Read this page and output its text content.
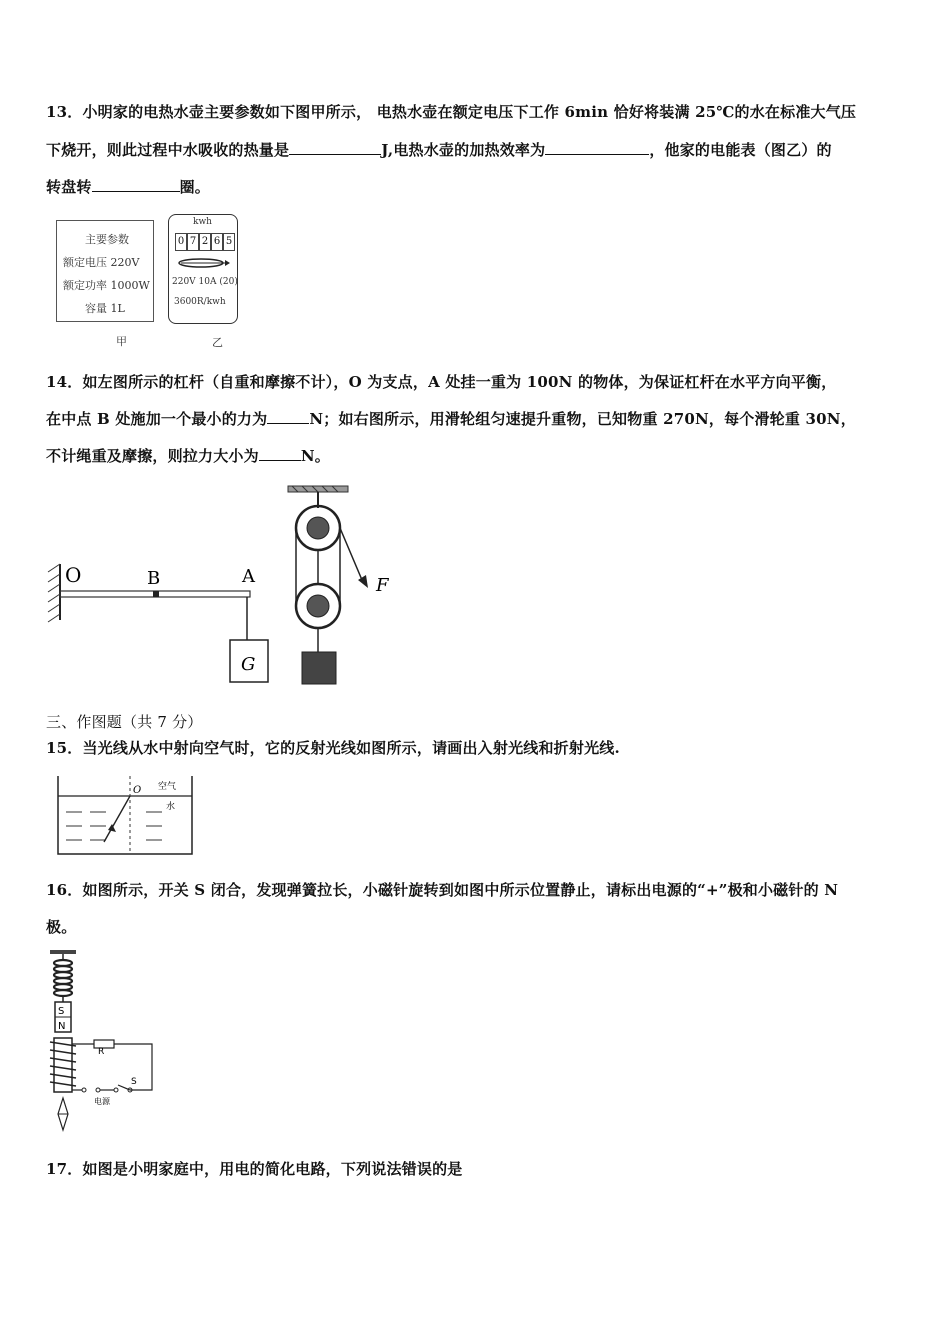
13．小明家的电热水壶主要参数如下图甲所示， 电热水壶在额定电压下工作 6min 恰好将装满 25℃的水在标准大气压
下烧开，则此过程中水吸收的热量是	J,电热水壶的加热效率为	，他家的电能表（图乙）的
转盘转	圈。
主要参数
额定电压 220V
额定功率 1000W
容量 1L
甲
kwh
0 7 2 6 5
220V 10A (20)
3600R/kwh
乙
14．如左图所示的杠杆（自重和摩擦不计），O 为支点，A 处挂一重为 100N 的物体，为保证杠杆在水平方向平衡，
在中点 B 处施加一个最小的力为	N；如右图所示，用滑轮组匀速提升重物，已知物重 270N，每个滑轮重 30N，
不计绳重及摩擦，则拉力大小为	N。
O	B	A
G
F
三、作图题（共 7 分）
15．当光线从水中射向空气时，它的反射光线如图所示，请画出入射光线和折射光线.
O 空气
水
16．如图所示，开关 S 闭合，发现弹簧拉长，小磁针旋转到如图中所示位置静止，请标出电源的“+”极和小磁针的 N
极。
S
N
R
S
电源
17．如图是小明家庭中，用电的简化电路，下列说法错误的是
